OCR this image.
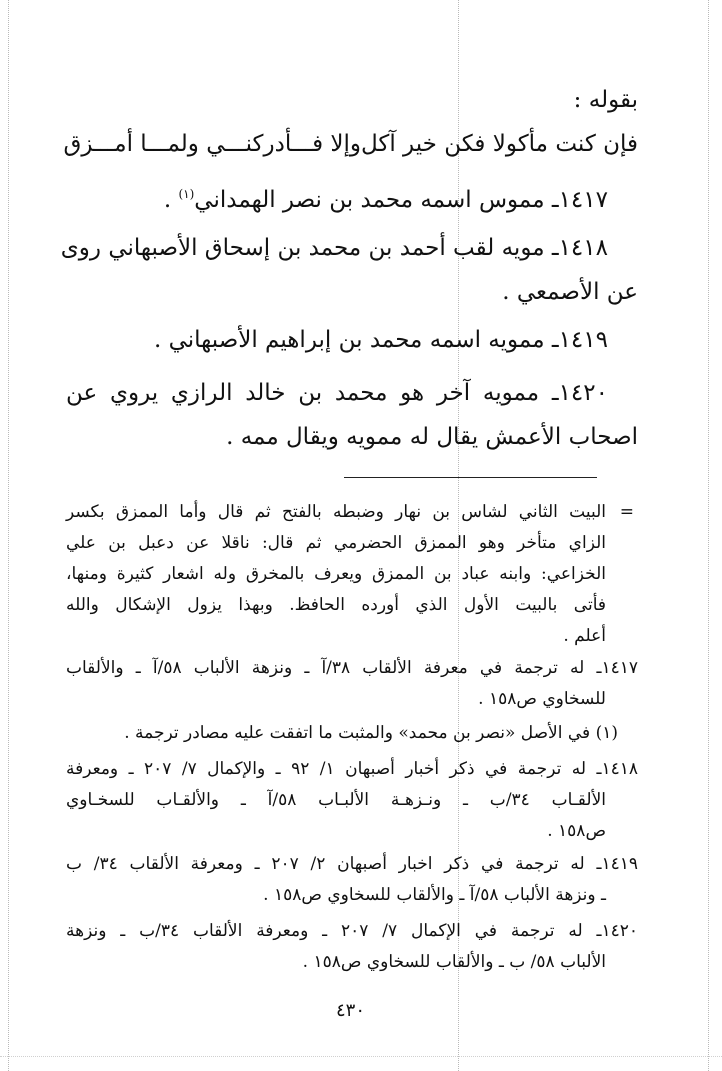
بقوله :

فإن كنت مأكولا فكن خير آكل
وإلا فـــأدركنـــي ولمـــا أمـــزق

١٤١٧ـ مموس اسمه محمد بن نصر الهمداني$^{(١)}$ .

١٤١٨ـ مويه لقب أحمد بن محمد بن إسحاق الأصبهاني روى

عن الأصمعي .

١٤١٩ـ ممويه اسمه محمد بن إبراهيم الأصبهاني .

١٤٢٠ـ ممويه آخر هو محمد بن خالد الرازي يروي عن

اصحاب الأعمش يقال له ممويه ويقال ممه .

=

البيت الثاني لشاس بن نهار وضبطه بالفتح ثم قال وأما الممزق بكسر

الزاي متأخر وهو الممزق الحضرمي ثم قال: ناقلا عن دعبل بن علي

الخزاعي: وابنه عباد بن الممزق ويعرف بالمخرق وله اشعار كثيرة ومنها،

فأتى بالبيت الأول الذي أورده الحافظ. وبهذا يزول الإشكال والله

أعلم .

١٤١٧ـ له ترجمة في معرفة الألقاب ٣٨/آ ـ ونزهة الألباب ٥٨/آ ـ والألقاب

للسخاوي ص١٥٨ .

(١) في الأصل «نصر بن محمد» والمثبت ما اتفقت عليه مصادر ترجمة .

١٤١٨ـ له ترجمة في ذكر أخبار أصبهان ١/ ٩٢ ـ والإكمال ٧/ ٢٠٧ ـ ومعرفة

الألقـاب ٣٤/ب ـ ونـزهـة الألبـاب ٥٨/آ ـ والألقـاب للسخـاوي

ص١٥٨ .

١٤١٩ـ له ترجمة في ذكر اخبار أصبهان ٢/ ٢٠٧ ـ ومعرفة الألقاب ٣٤/ ب

ـ ونزهة الألباب ٥٨/آ ـ والألقاب للسخاوي ص١٥٨ .

١٤٢٠ـ له ترجمة في الإكمال ٧/ ٢٠٧ ـ ومعرفة الألقاب ٣٤/ب ـ ونزهة

الألباب ٥٨/ ب ـ والألقاب للسخاوي ص١٥٨ .

٤٣٠
